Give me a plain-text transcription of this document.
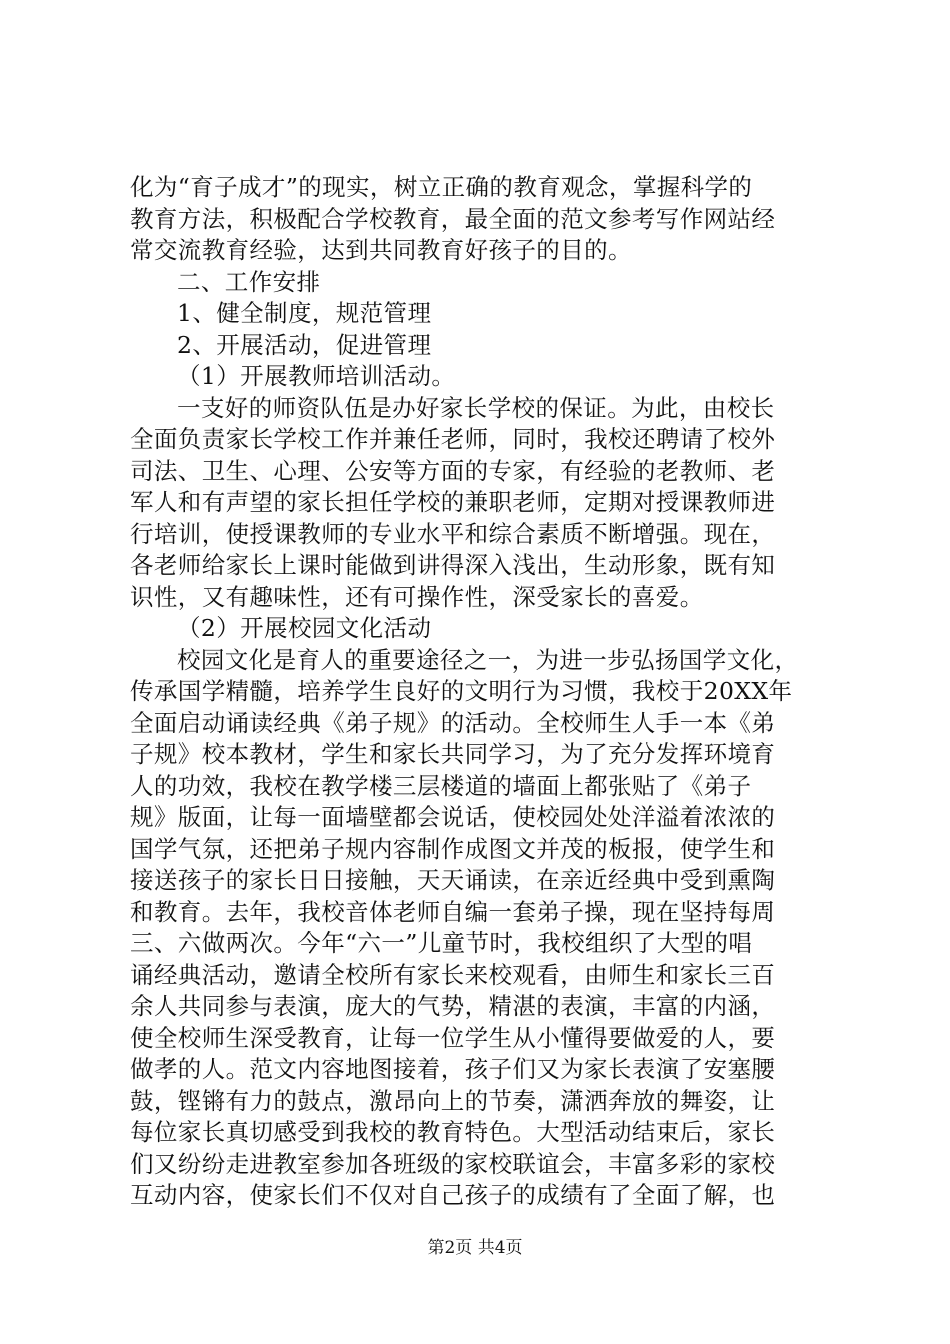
化为“育子成才”的现实，树立正确的教育观念，掌握科学的
教育方法，积极配合学校教育，最全面的范文参考写作网站经
常交流教育经验，达到共同教育好孩子的目的。
二、工作安排
1、健全制度，规范管理
2、开展活动，促进管理
（1）开展教师培训活动。
一支好的师资队伍是办好家长学校的保证。为此，由校长
全面负责家长学校工作并兼任老师，同时，我校还聘请了校外
司法、卫生、心理、公安等方面的专家，有经验的老教师、老
军人和有声望的家长担任学校的兼职老师，定期对授课教师进
行培训，使授课教师的专业水平和综合素质不断增强。现在，
各老师给家长上课时能做到讲得深入浅出，生动形象，既有知
识性，又有趣味性，还有可操作性，深受家长的喜爱。
（2）开展校园文化活动
校园文化是育人的重要途径之一，为进一步弘扬国学文化，
传承国学精髓，培养学生良好的文明行为习惯，我校于20XX年
全面启动诵读经典《弟子规》的活动。全校师生人手一本《弟
子规》校本教材，学生和家长共同学习，为了充分发挥环境育
人的功效，我校在教学楼三层楼道的墙面上都张贴了《弟子
规》版面，让每一面墙壁都会说话，使校园处处洋溢着浓浓的
国学气氛，还把弟子规内容制作成图文并茂的板报，使学生和
接送孩子的家长日日接触，天天诵读，在亲近经典中受到熏陶
和教育。去年，我校音体老师自编一套弟子操，现在坚持每周
三、六做两次。今年“六一”儿童节时，我校组织了大型的唱
诵经典活动，邀请全校所有家长来校观看，由师生和家长三百
余人共同参与表演，庞大的气势，精湛的表演，丰富的内涵，
使全校师生深受教育，让每一位学生从小懂得要做爱的人，要
做孝的人。范文内容地图接着，孩子们又为家长表演了安塞腰
鼓，铿锵有力的鼓点，激昂向上的节奏，潇洒奔放的舞姿，让
每位家长真切感受到我校的教育特色。大型活动结束后，家长
们又纷纷走进教室参加各班级的家校联谊会，丰富多彩的家校
互动内容，使家长们不仅对自己孩子的成绩有了全面了解，也
第2页 共4页
